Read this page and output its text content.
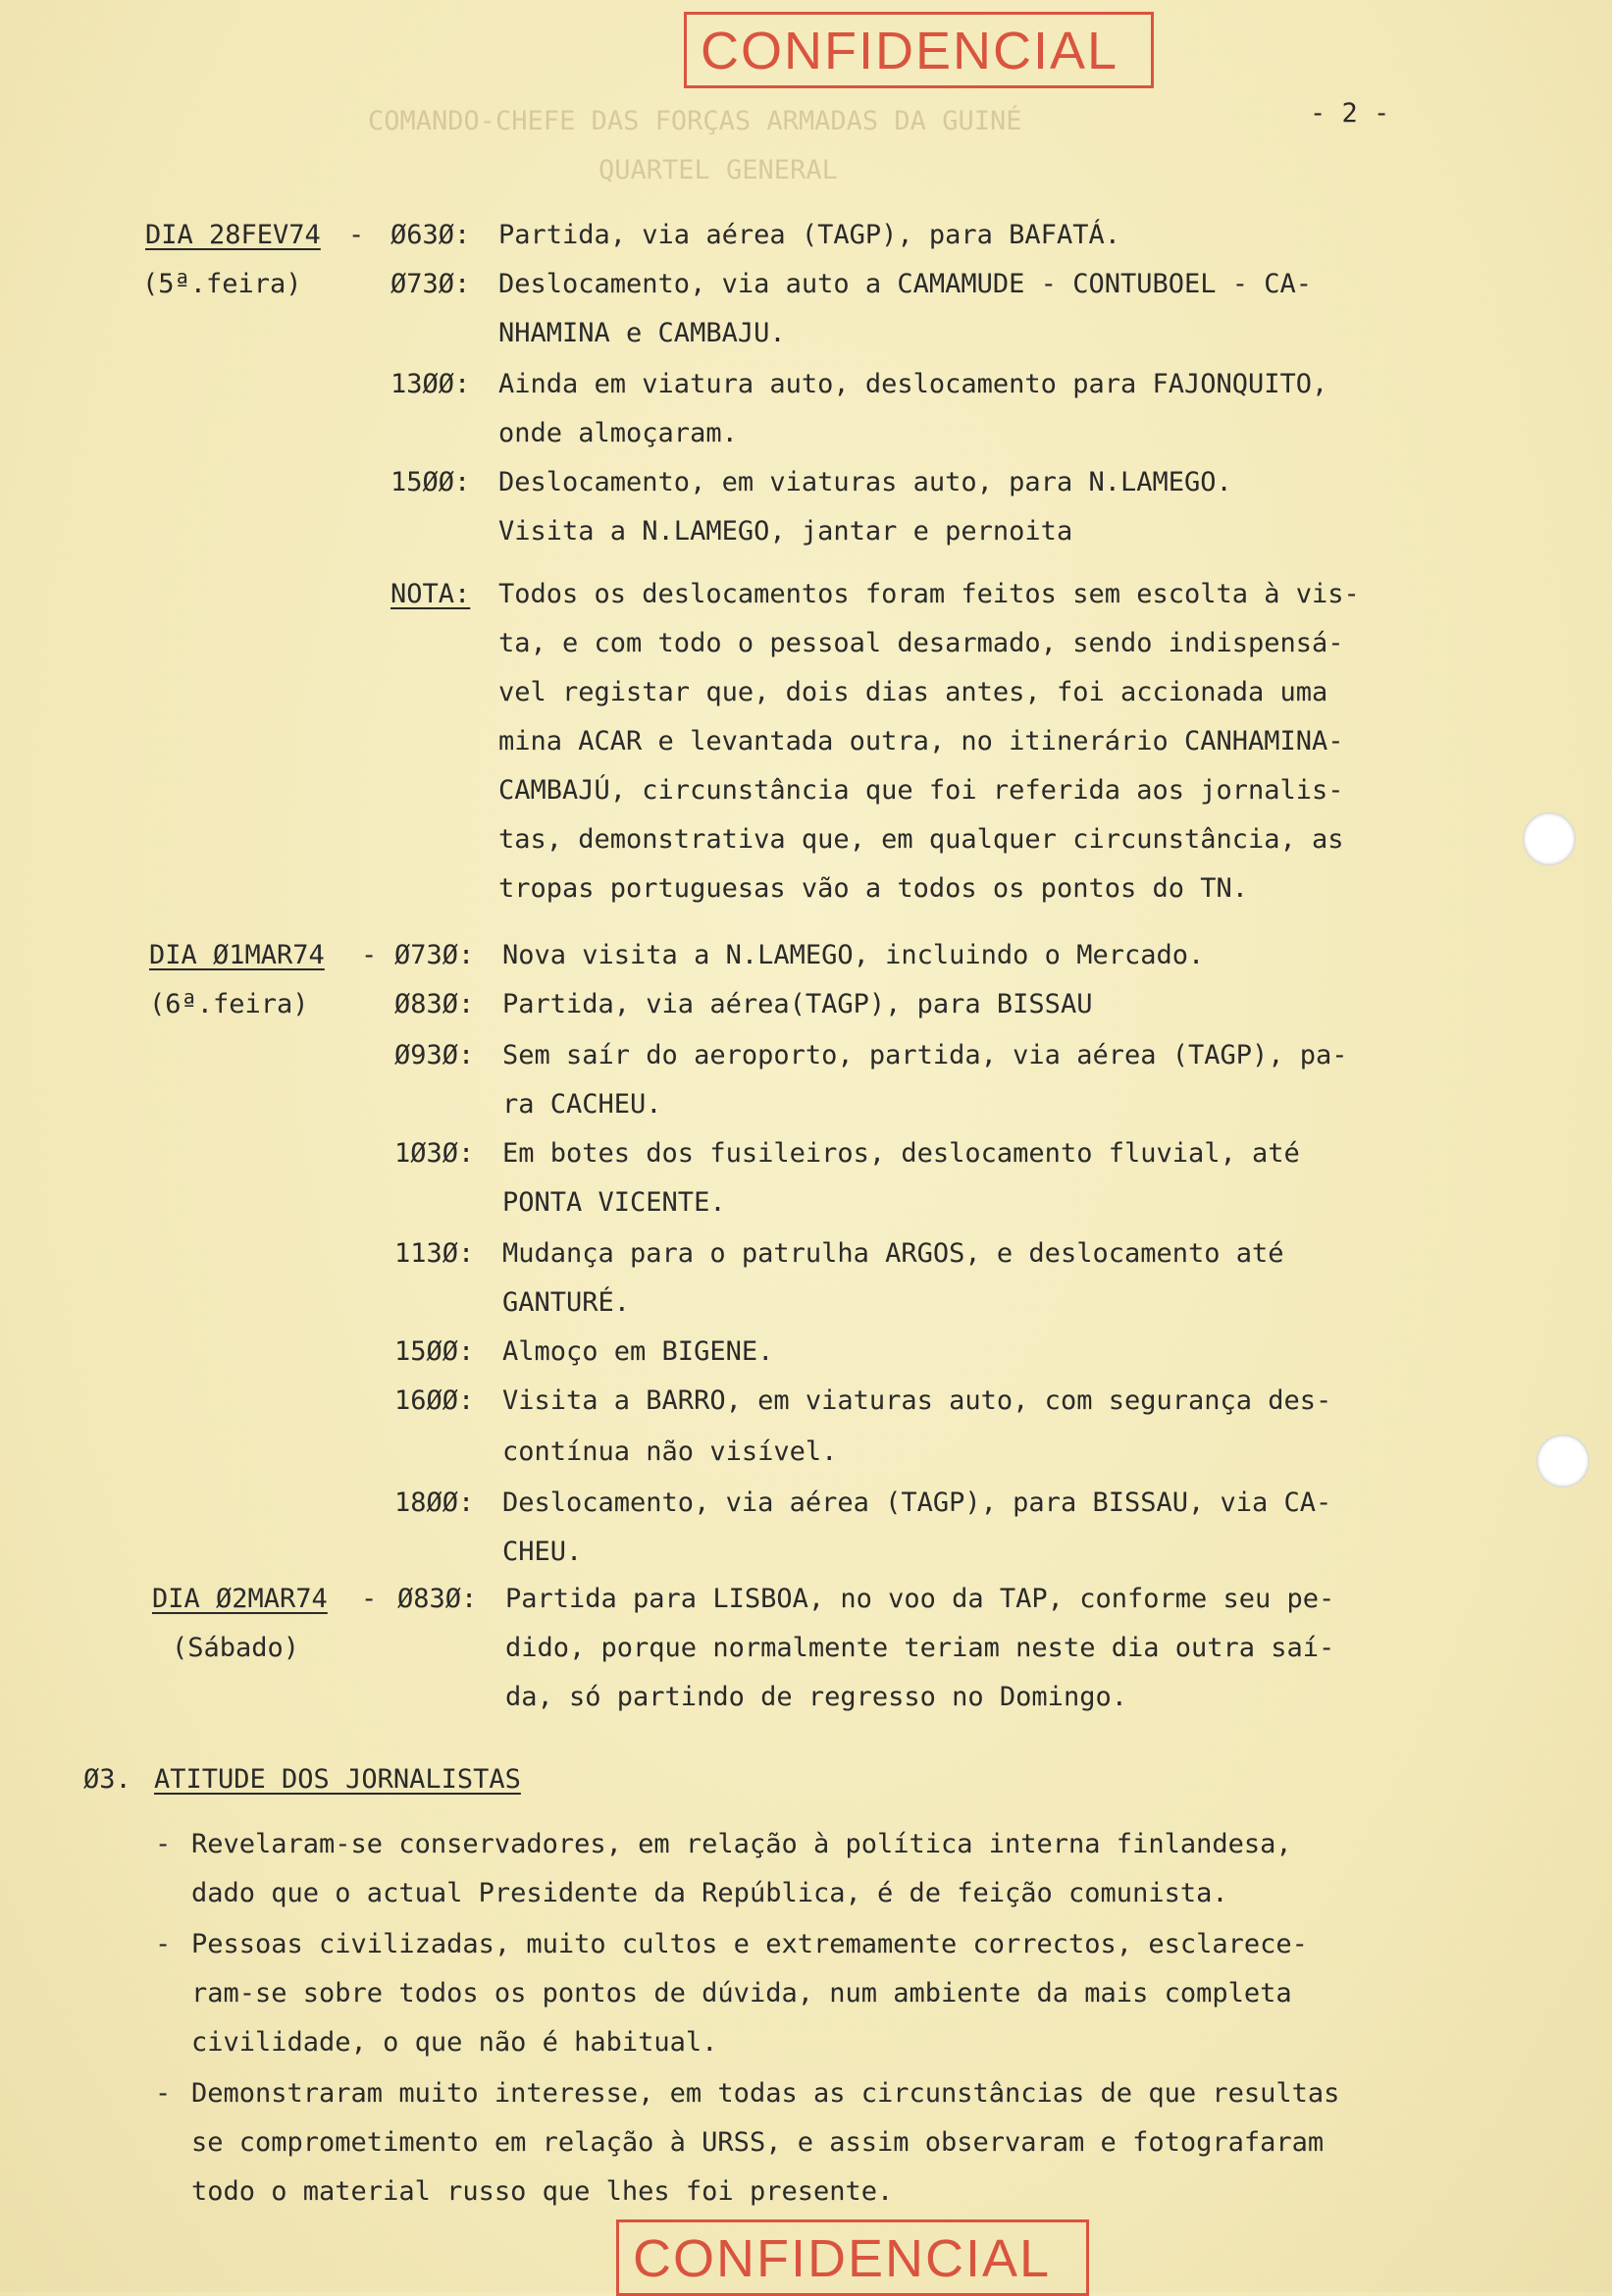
COMANDO-CHEFE DAS FORÇAS ARMADAS DA GUINÉ
QUARTEL GENERAL
CONFIDENCIAL
- 2 -
DIA 28FEV74 -
(5ª.feira)
Ø63Ø: Partida, via aérea (TAGP), para BAFATÁ.
Ø73Ø: Deslocamento, via auto a CAMAMUDE - CONTUBOEL - CA-
NHAMINA e CAMBAJU.
13ØØ: Ainda em viatura auto, deslocamento para FAJONQUITO,
onde almoçaram.
15ØØ: Deslocamento, em viaturas auto, para N.LAMEGO.
Visita a N.LAMEGO, jantar e pernoita
NOTA: Todos os deslocamentos foram feitos sem escolta à vis-
ta, e com todo o pessoal desarmado, sendo indispensá-
vel registar que, dois dias antes, foi accionada uma
mina ACAR e levantada outra, no itinerário CANHAMINA-
CAMBAJÚ, circunstância que foi referida aos jornalis-
tas, demonstrativa que, em qualquer circunstância, as
tropas portuguesas vão a todos os pontos do TN.
DIA Ø1MAR74 -
(6ª.feira)
Ø73Ø: Nova visita a N.LAMEGO, incluindo o Mercado.
Ø83Ø: Partida, via aérea(TAGP), para BISSAU
Ø93Ø: Sem saír do aeroporto, partida, via aérea (TAGP), pa-
ra CACHEU.
1Ø3Ø: Em botes dos fusileiros, deslocamento fluvial, até
PONTA VICENTE.
113Ø: Mudança para o patrulha ARGOS, e deslocamento até
GANTURÉ.
15ØØ: Almoço em BIGENE.
16ØØ: Visita a BARRO, em viaturas auto, com segurança des-
contínua não visível.
18ØØ: Deslocamento, via aérea (TAGP), para BISSAU, via CA-
CHEU.
DIA Ø2MAR74 -
(Sábado)
Ø83Ø: Partida para LISBOA, no voo da TAP, conforme seu pe-
dido, porque normalmente teriam neste dia outra saí-
da, só partindo de regresso no Domingo.
Ø3. ATITUDE DOS JORNALISTAS
- Revelaram-se conservadores, em relação à política interna finlandesa,
dado que o actual Presidente da República, é de feição comunista.
- Pessoas civilizadas, muito cultos e extremamente correctos, esclarece-
ram-se sobre todos os pontos de dúvida, num ambiente da mais completa
civilidade, o que não é habitual.
- Demonstraram muito interesse, em todas as circunstâncias de que resultas
se comprometimento em relação à URSS, e assim observaram e fotografaram
todo o material russo que lhes foi presente.
CONFIDENCIAL
